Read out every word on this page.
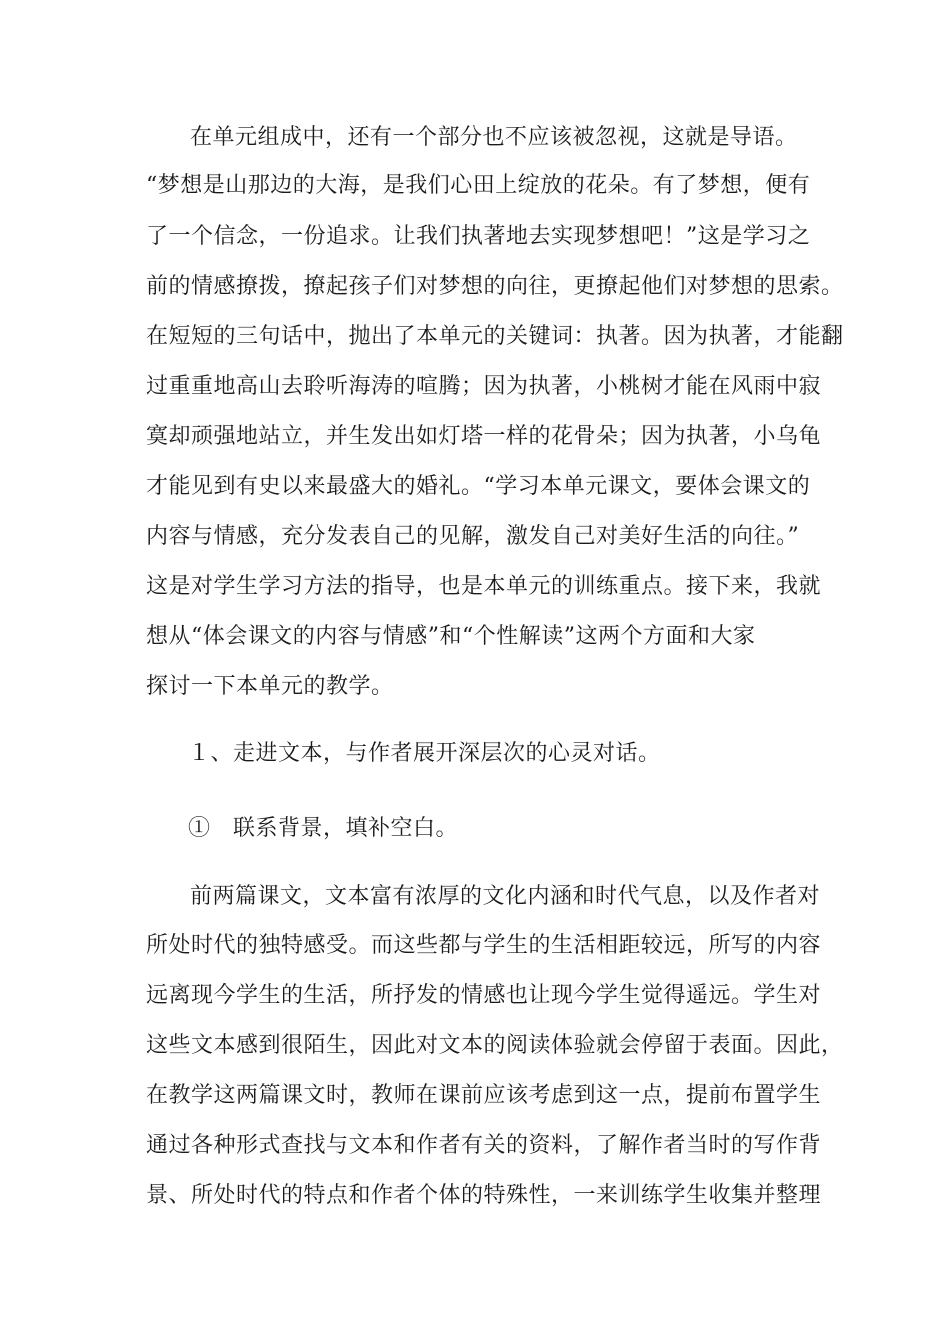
在单元组成中，还有一个部分也不应该被忽视，这就是导语。
“梦想是山那边的大海，是我们心田上绽放的花朵。有了梦想，便有
了一个信念，一份追求。让我们执著地去实现梦想吧！”这是学习之
前的情感撩拨，撩起孩子们对梦想的向往，更撩起他们对梦想的思索。
在短短的三句话中，抛出了本单元的关键词：执著。因为执著，才能翻
过重重地高山去聆听海涛的喧腾；因为执著，小桃树才能在风雨中寂
寞却顽强地站立，并生发出如灯塔一样的花骨朵；因为执著，小乌龟
才能见到有史以来最盛大的婚礼。“学习本单元课文，要体会课文的
内容与情感，充分发表自己的见解，激发自己对美好生活的向往。”
这是对学生学习方法的指导，也是本单元的训练重点。接下来，我就
想从“体会课文的内容与情感”和“个性解读”这两个方面和大家
探讨一下本单元的教学。
１、走进文本，与作者展开深层次的心灵对话。
①　联系背景，填补空白。
前两篇课文，文本富有浓厚的文化内涵和时代气息，以及作者对
所处时代的独特感受。而这些都与学生的生活相距较远，所写的内容
远离现今学生的生活，所抒发的情感也让现今学生觉得遥远。学生对
这些文本感到很陌生，因此对文本的阅读体验就会停留于表面。因此，
在教学这两篇课文时，教师在课前应该考虑到这一点，提前布置学生
通过各种形式查找与文本和作者有关的资料，了解作者当时的写作背
景、所处时代的特点和作者个体的特殊性，一来训练学生收集并整理
